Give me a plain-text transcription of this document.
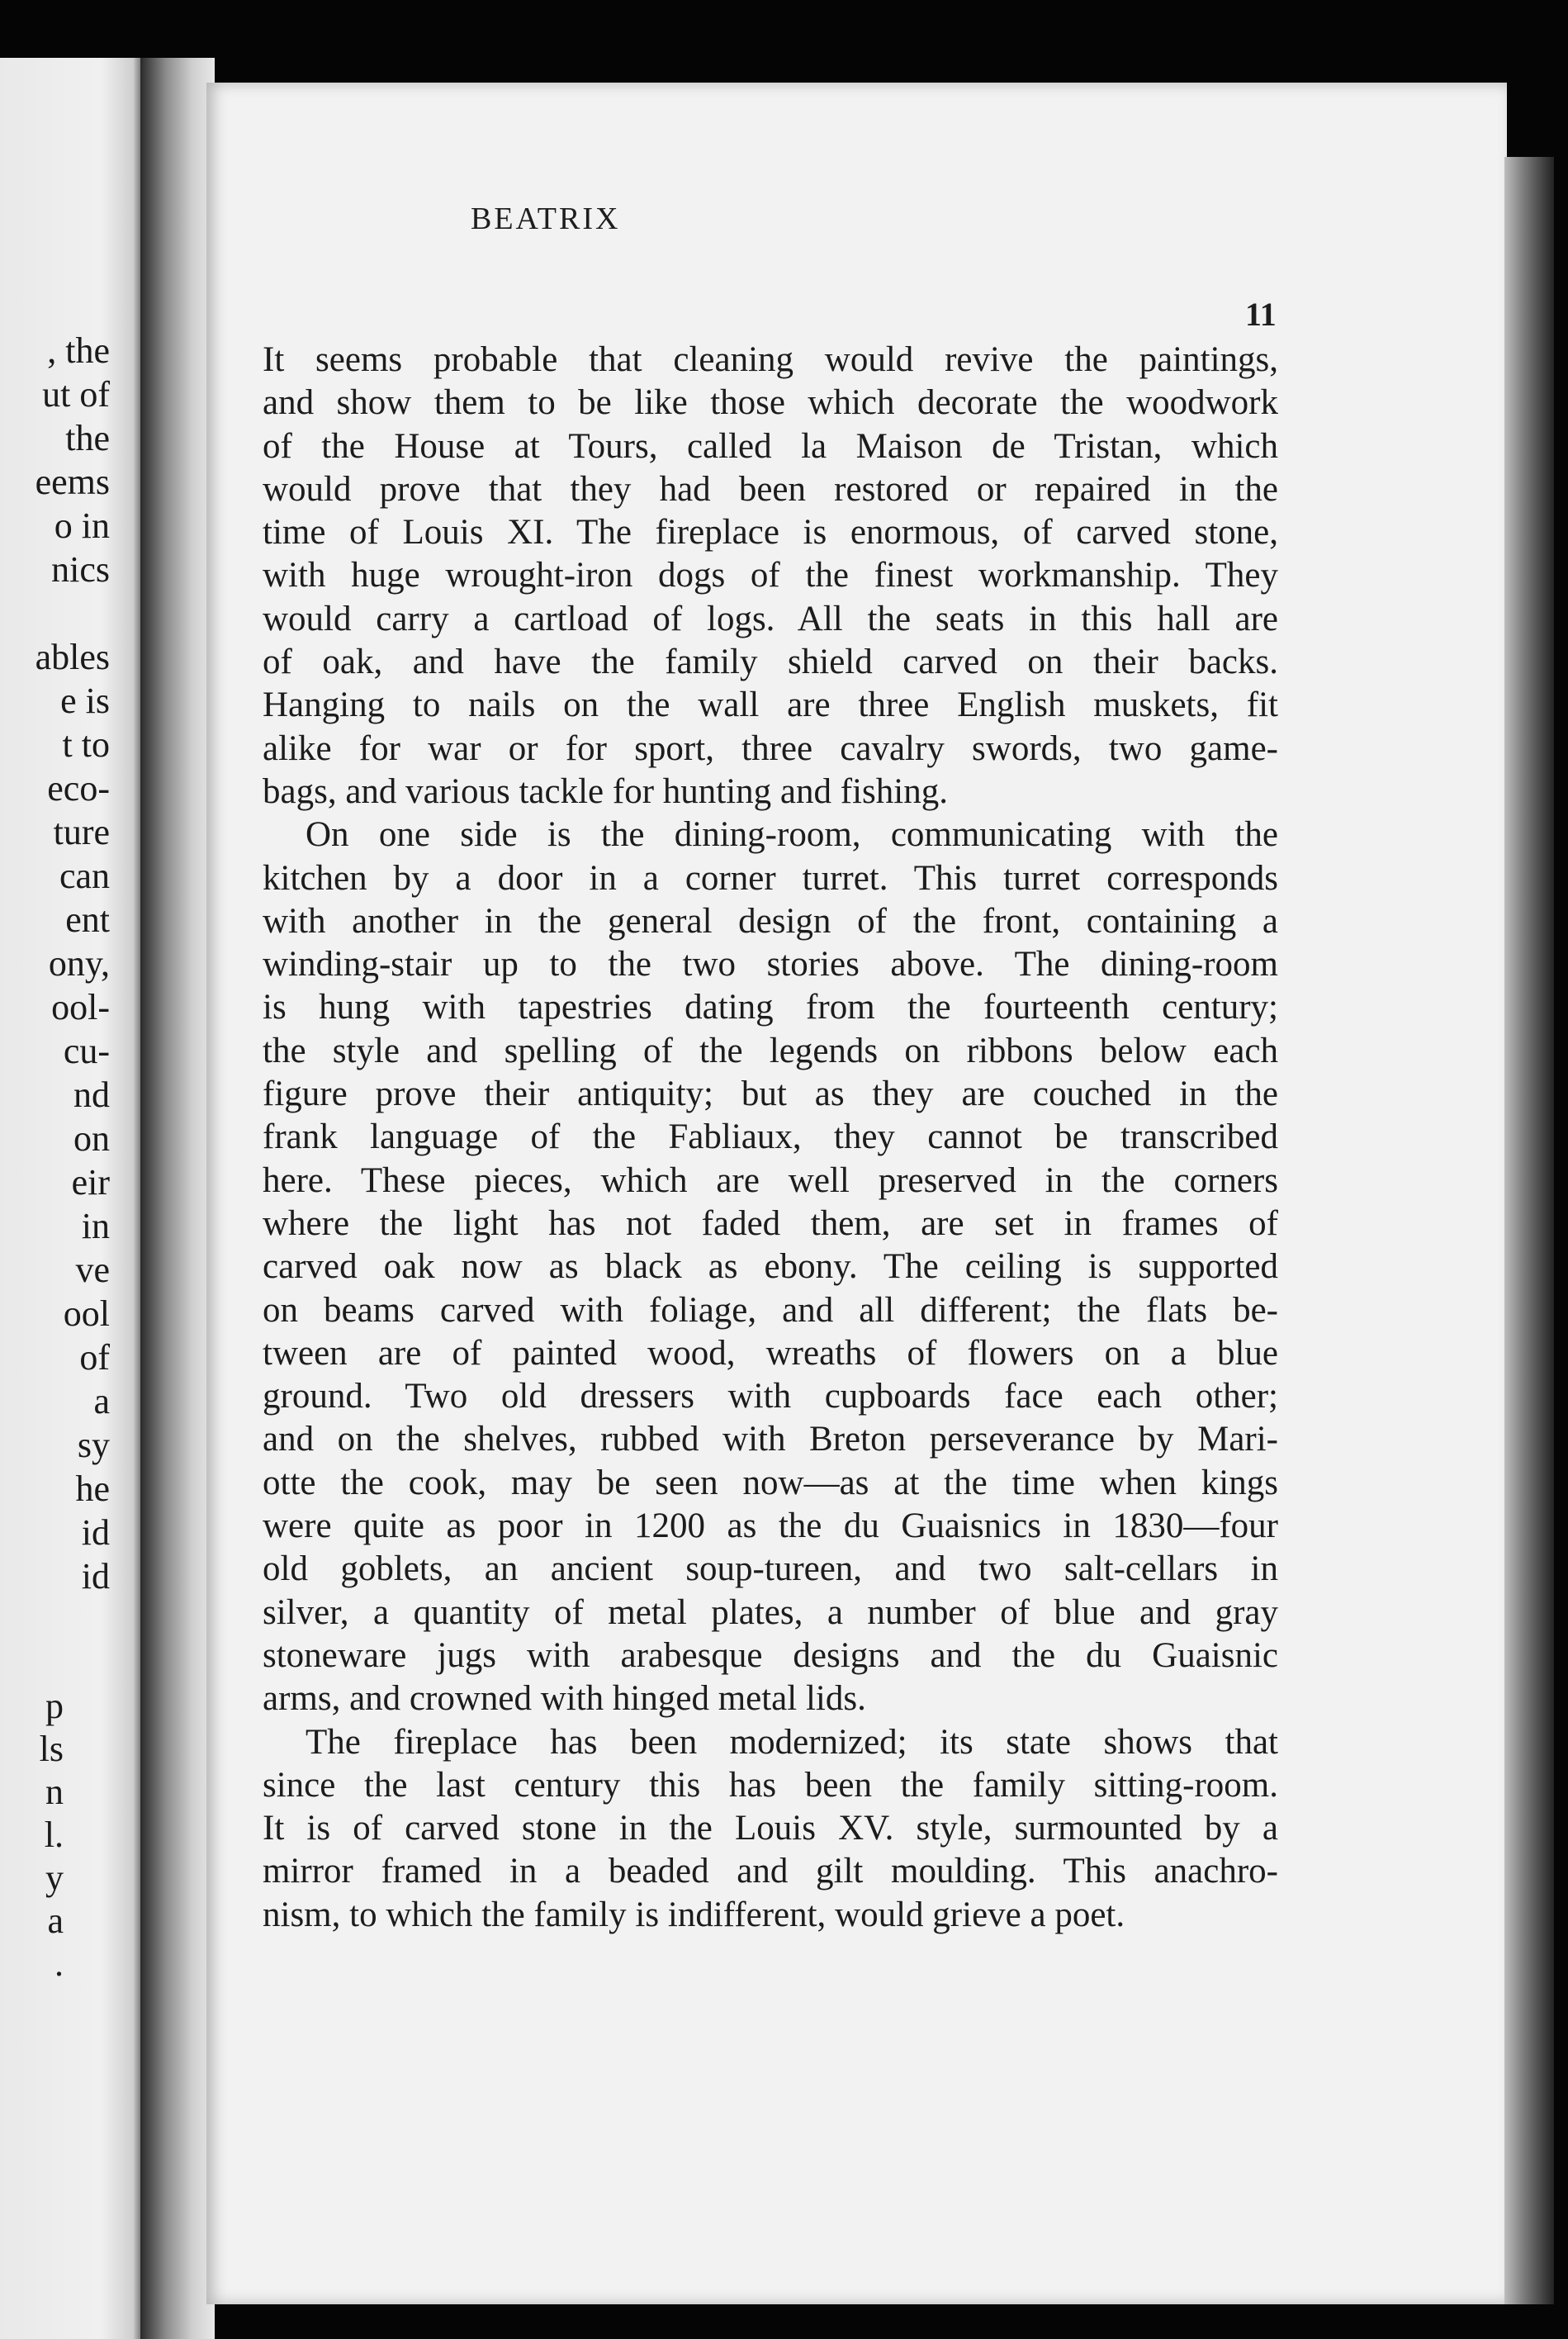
, the
ut of
the
eems
o in
nics

ables
e is
t to
eco-
ture
can
ent
ony,
ool-
cu-
nd
on
eir
in
ve
ool
of
a
sy
he
id
id
p
ls
n
l.
y
a
.
BEATRIX
11
It seems probable that cleaning would revive the paintings,
and show them to be like those which decorate the woodwork
of the House at Tours, called la Maison de Tristan, which
would prove that they had been restored or repaired in the
time of Louis XI. The fireplace is enormous, of carved stone,
with huge wrought-iron dogs of the finest workmanship. They
would carry a cartload of logs. All the seats in this hall are
of oak, and have the family shield carved on their backs.
Hanging to nails on the wall are three English muskets, fit
alike for war or for sport, three cavalry swords, two game-
bags, and various tackle for hunting and fishing.
On one side is the dining-room, communicating with the
kitchen by a door in a corner turret. This turret corresponds
with another in the general design of the front, containing a
winding-stair up to the two stories above. The dining-room
is hung with tapestries dating from the fourteenth century;
the style and spelling of the legends on ribbons below each
figure prove their antiquity; but as they are couched in the
frank language of the Fabliaux, they cannot be transcribed
here. These pieces, which are well preserved in the corners
where the light has not faded them, are set in frames of
carved oak now as black as ebony. The ceiling is supported
on beams carved with foliage, and all different; the flats be-
tween are of painted wood, wreaths of flowers on a blue
ground. Two old dressers with cupboards face each other;
and on the shelves, rubbed with Breton perseverance by Mari-
otte the cook, may be seen now—as at the time when kings
were quite as poor in 1200 as the du Guaisnics in 1830—four
old goblets, an ancient soup-tureen, and two salt-cellars in
silver, a quantity of metal plates, a number of blue and gray
stoneware jugs with arabesque designs and the du Guaisnic
arms, and crowned with hinged metal lids.
The fireplace has been modernized; its state shows that
since the last century this has been the family sitting-room.
It is of carved stone in the Louis XV. style, surmounted by a
mirror framed in a beaded and gilt moulding. This anachro-
nism, to which the family is indifferent, would grieve a poet.
